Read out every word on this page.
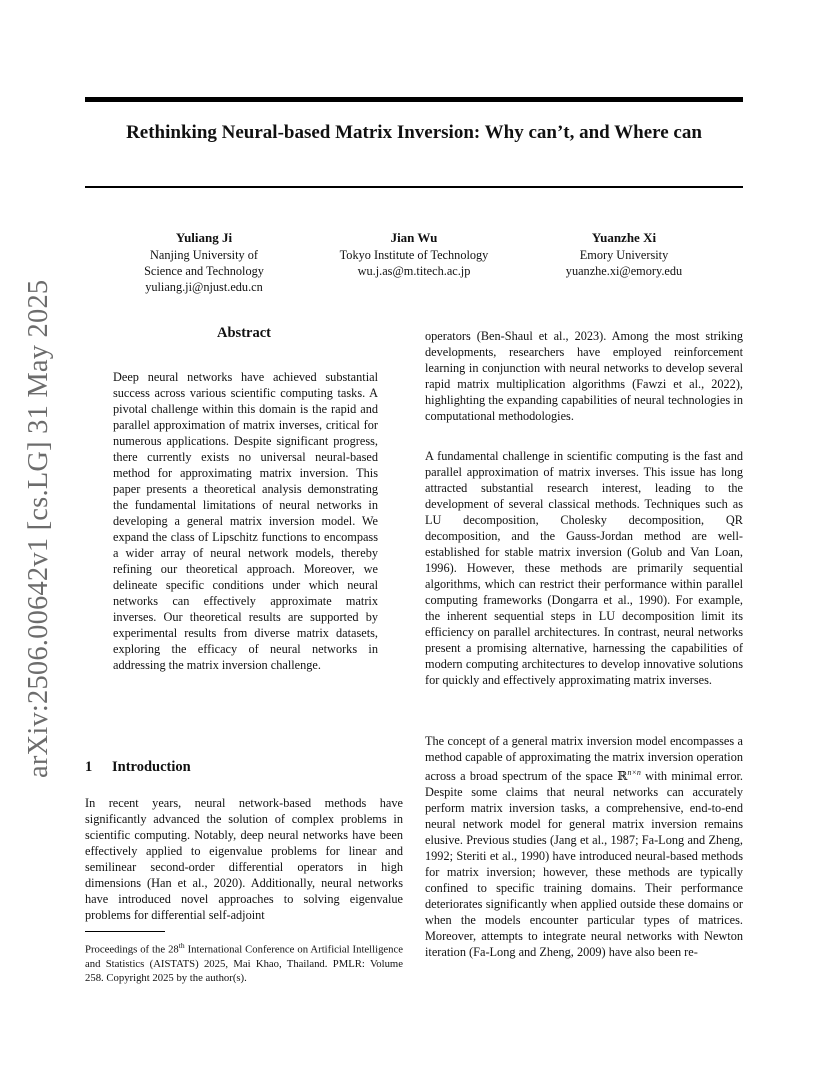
Rethinking Neural-based Matrix Inversion: Why can’t, and Where can
Yuliang Ji
Nanjing University of
Science and Technology
yuliang.ji@njust.edu.cn
Jian Wu
Tokyo Institute of Technology
wu.j.as@m.titech.ac.jp
Yuanzhe Xi
Emory University
yuanzhe.xi@emory.edu
arXiv:2506.00642v1 [cs.LG] 31 May 2025	Abstract

Deep neural networks have achieved substantial success across various scientific computing tasks. A pivotal challenge within this domain is the rapid and parallel approximation of matrix inverses, critical for numerous applications. Despite significant progress, there currently exists no universal neural-based method for approximating matrix inversion. This paper presents a theoretical analysis demonstrating the fundamental limitations of neural networks in developing a general matrix inversion model. We expand the class of Lipschitz functions to encompass a wider array of neural network models, thereby refining our theoretical approach. Moreover, we delineate specific conditions under which neural networks can effectively approximate matrix inverses. Our theoretical results are supported by experimental results from diverse matrix datasets, exploring the efficacy of neural networks in addressing the matrix inversion challenge.

1 Introduction

In recent years, neural network-based methods have significantly advanced the solution of complex problems in scientific computing. Notably, deep neural networks have been effectively applied to eigenvalue problems for linear and semilinear second-order differential operators in high dimensions (Han et al., 2020). Additionally, neural networks have introduced novel approaches to solving eigenvalue problems for differential self-adjoint

Proceedings of the 28th International Conference on Artificial Intelligence and Statistics (AISTATS) 2025, Mai Khao, Thailand. PMLR: Volume 258. Copyright 2025 by the author(s).

operators (Ben-Shaul et al., 2023). Among the most striking developments, researchers have employed reinforcement learning in conjunction with neural networks to develop several rapid matrix multiplication algorithms (Fawzi et al., 2022), highlighting the expanding capabilities of neural technologies in computational methodologies.

A fundamental challenge in scientific computing is the fast and parallel approximation of matrix inverses. This issue has long attracted substantial research interest, leading to the development of several classical methods. Techniques such as LU decomposition, Cholesky decomposition, QR decomposition, and the Gauss-Jordan method are well-established for stable matrix inversion (Golub and Van Loan, 1996). However, these methods are primarily sequential algorithms, which can restrict their performance within parallel computing frameworks (Dongarra et al., 1990). For example, the inherent sequential steps in LU decomposition limit its efficiency on parallel architectures. In contrast, neural networks present a promising alternative, harnessing the capabilities of modern computing architectures to develop innovative solutions for quickly and effectively approximating matrix inverses.

The concept of a general matrix inversion model encompasses a method capable of approximating the matrix inversion operation across a broad spectrum of the space ℝ$^{n\times n}$ with minimal error. Despite some claims that neural networks can accurately perform matrix inversion tasks, a comprehensive, end-to-end neural network model for general matrix inversion remains elusive. Previous studies (Jang et al., 1987; Fa-Long and Zheng, 1992; Steriti et al., 1990) have introduced neural-based methods for matrix inversion; however, these methods are typically confined to specific training domains. Their performance deteriorates significantly when applied outside these domains or when the models encounter particular types of matrices. Moreover, attempts to integrate neural networks with Newton iteration (Fa-Long and Zheng, 2009) have also been re-
